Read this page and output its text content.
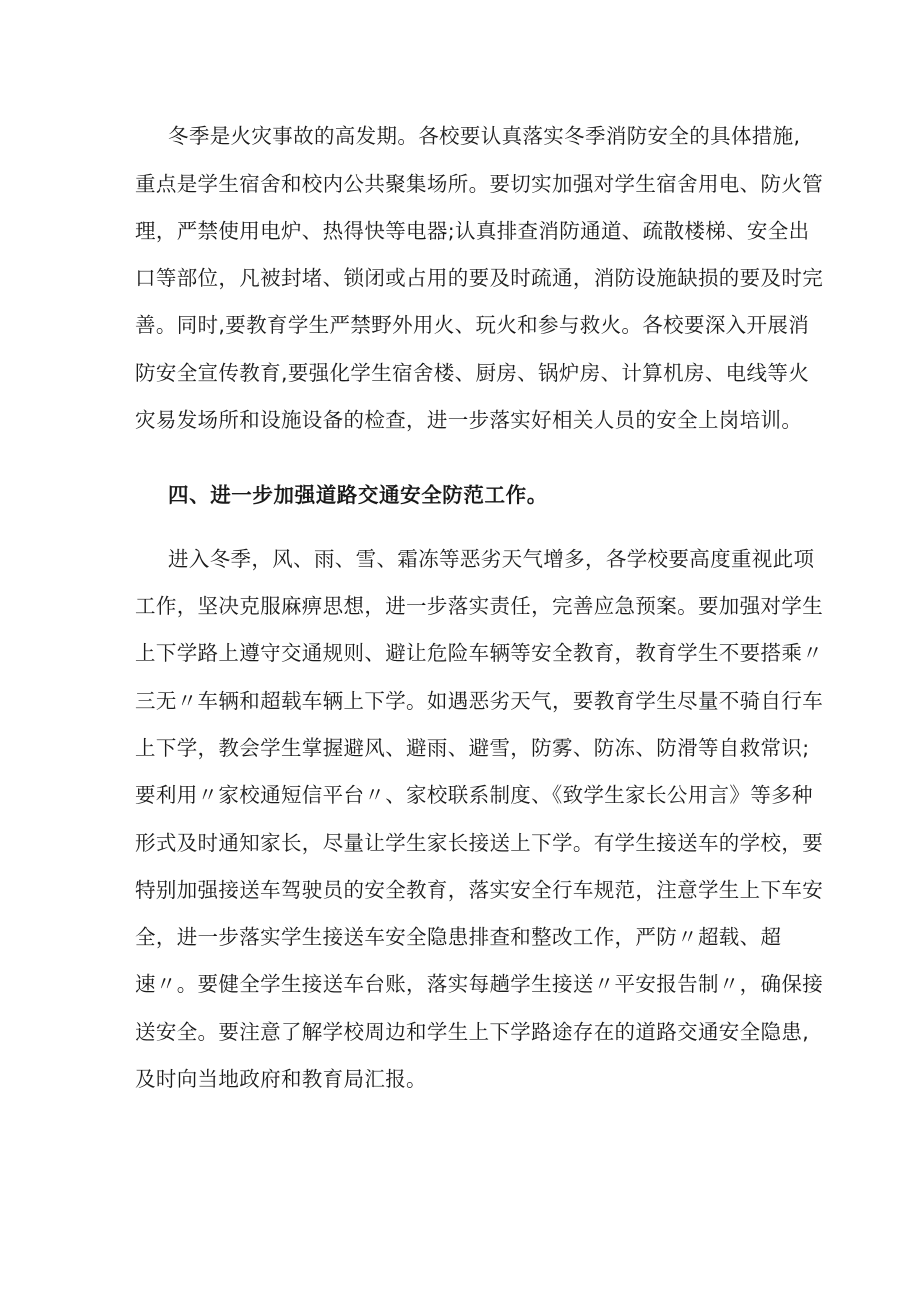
冬季是火灾事故的高发期。各校要认真落实冬季消防安全的具体措施,
重点是学生宿舍和校内公共聚集场所。要切实加强对学生宿舍用电、防火管
理，严禁使用电炉、热得快等电器;认真排查消防通道、疏散楼梯、安全出
口等部位，凡被封堵、锁闭或占用的要及时疏通，消防设施缺损的要及时完
善。同时,要教育学生严禁野外用火、玩火和参与救火。各校要深入开展消
防安全宣传教育,要强化学生宿舍楼、厨房、锅炉房、计算机房、电线等火
灾易发场所和设施设备的检查，进一步落实好相关人员的安全上岗培训。
四、进一步加强道路交通安全防范工作。
进入冬季，风、雨、雪、霜冻等恶劣天气增多，各学校要高度重视此项
工作，坚决克服麻痹思想，进一步落实责任，完善应急预案。要加强对学生
上下学路上遵守交通规则、避让危险车辆等安全教育，教育学生不要搭乘〃
三无〃车辆和超载车辆上下学。如遇恶劣天气，要教育学生尽量不骑自行车
上下学，教会学生掌握避风、避雨、避雪，防雾、防冻、防滑等自救常识;
要利用〃家校通短信平台〃、家校联系制度、《致学生家长公用言》等多种
形式及时通知家长，尽量让学生家长接送上下学。有学生接送车的学校，要
特别加强接送车驾驶员的安全教育，落实安全行车规范，注意学生上下车安
全，进一步落实学生接送车安全隐患排查和整改工作，严防〃超载、超
速〃。要健全学生接送车台账，落实每趟学生接送〃平安报告制〃，确保接
送安全。要注意了解学校周边和学生上下学路途存在的道路交通安全隐患,
及时向当地政府和教育局汇报。
